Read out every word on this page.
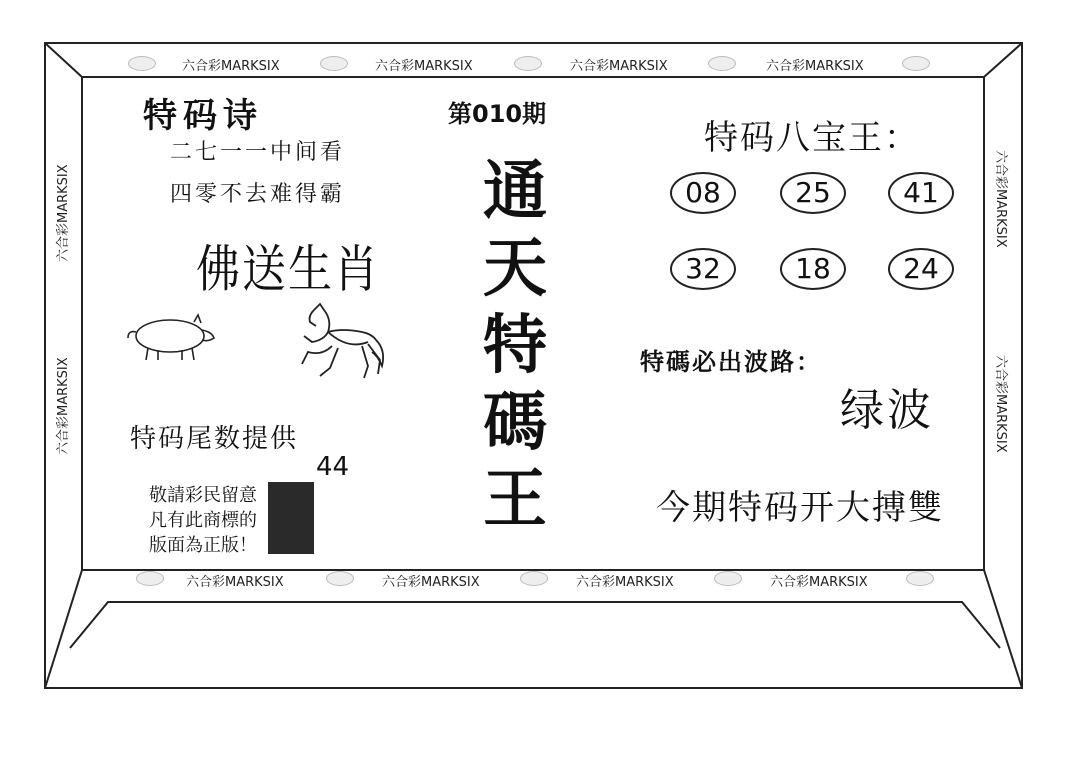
六合彩MARKSIX	六合彩MARKSIX	六合彩MARKSIX	六合彩MARKSIX
六合彩MARKSIX	六合彩MARKSIX	六合彩MARKSIX	六合彩MARKSIX
六合彩MARKSIX
六合彩MARKSIX
六合彩MARKSIX
六合彩MARKSIX
特码诗
二七一一中间看
四零不去难得霸
佛送生肖
特码尾数提供
44
敬請彩民留意
凡有此商標的
版面為正版！
第010期
通
天
特
碼
王
特码八宝王：
08	25	41
32	18	24
特碼必出波路：
绿波
今期特码开大搏雙
